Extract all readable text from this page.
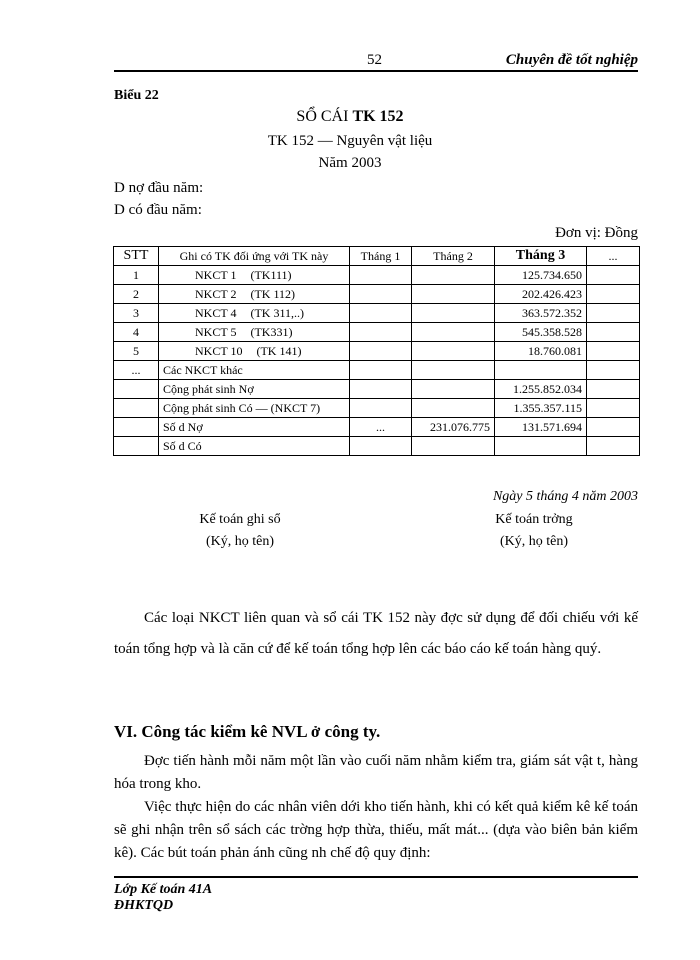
52	Chuyên đề tốt nghiệp
Biểu 22
SỔ CÁI TK 152
TK 152 — Nguyên vật liệu
Năm 2003
D nợ đầu năm:
D có đầu năm:
Đơn vị: Đồng
STT	Ghi có TK đối ứng với TK này	Tháng 1	Tháng 2	Tháng 3	...
1	NKCT 1 (TK111)			125.734.650	
2	NKCT 2 (TK 112)			202.426.423	
3	NKCT 4 (TK 311,..)			363.572.352	
4	NKCT 5 (TK331)			545.358.528	
5	NKCT 10 (TK 141)			18.760.081	
...	Các NKCT khác				
	Cộng phát sinh Nợ			1.255.852.034	
	Cộng phát sinh Có — (NKCT 7)			1.355.357.115	
	Số d Nợ	...	231.076.775	131.571.694	
	Số d Có				
Ngày 5 tháng 4 năm 2003
Kế toán ghi sổ
(Ký, họ tên)
Kế toán trởng
(Ký, họ tên)
Các loại NKCT liên quan và sổ cái TK 152 này đợc sử dụng để đối chiếu với kế toán tổng hợp và là căn cứ để kế toán tổng hợp lên các báo cáo kế toán hàng quý.
VI. Công tác kiểm kê NVL ở công ty.
Đợc tiến hành mỗi năm một lần vào cuối năm nhằm kiểm tra, giám sát vật t, hàng hóa trong kho.
Việc thực hiện do các nhân viên dới kho tiến hành, khi có kết quả kiểm kê kế toán sẽ ghi nhận trên sổ sách các trờng hợp thừa, thiếu, mất mát... (dựa vào biên bản kiểm kê). Các bút toán phản ánh cũng nh chế độ quy định:
Lớp Kế toán 41A
ĐHKTQD
